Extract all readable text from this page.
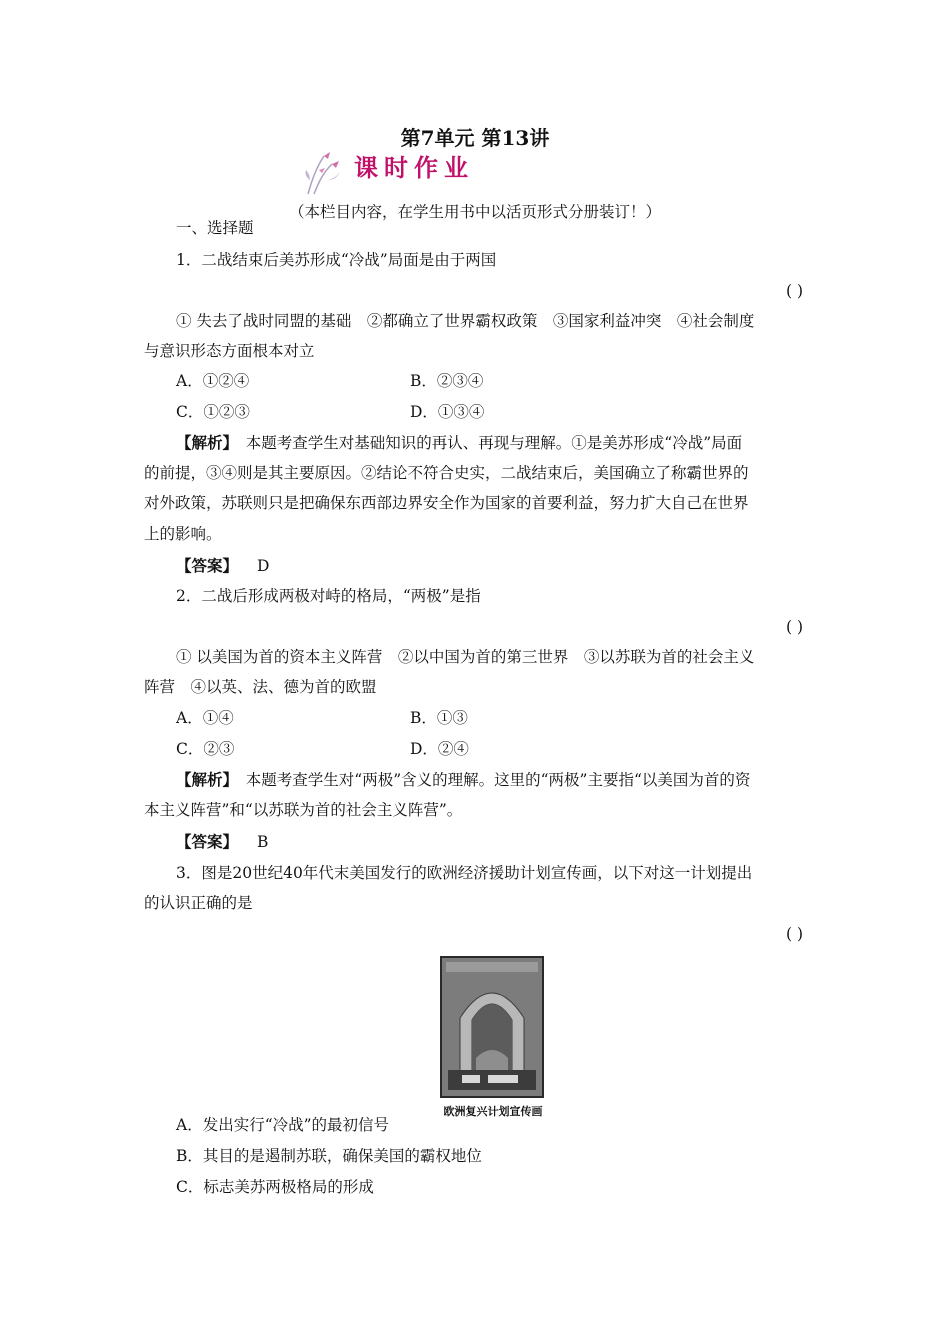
第7单元 第13讲
课时作业
（本栏目内容，在学生用书中以活页形式分册装订！）
一、选择题
1．二战结束后美苏形成“冷战”局面是由于两国
( )
① 失去了战时同盟的基础　②都确立了世界霸权政策　③国家利益冲突　④社会制度
与意识形态方面根本对立
A．①②④	B．②③④
C．①②③	D．①③④
【解析】　本题考查学生对基础知识的再认、再现与理解。①是美苏形成“冷战”局面
的前提，③④则是其主要原因。②结论不符合史实，二战结束后，美国确立了称霸世界的
对外政策，苏联则只是把确保东西部边界安全作为国家的首要利益，努力扩大自己在世界
上的影响。
【答案】 D
2．二战后形成两极对峙的格局，“两极”是指
( )
① 以美国为首的资本主义阵营　②以中国为首的第三世界　③以苏联为首的社会主义
阵营　④以英、法、德为首的欧盟
A．①④	B．①③
C．②③	D．②④
【解析】　本题考查学生对“两极”含义的理解。这里的“两极”主要指“以美国为首的资
本主义阵营”和“以苏联为首的社会主义阵营”。
【答案】 B
3．图是20世纪40年代末美国发行的欧洲经济援助计划宣传画，以下对这一计划提出
的认识正确的是
( )
欧洲复兴计划宣传画
A．发出实行“冷战”的最初信号
B．其目的是遏制苏联，确保美国的霸权地位
C．标志美苏两极格局的形成
